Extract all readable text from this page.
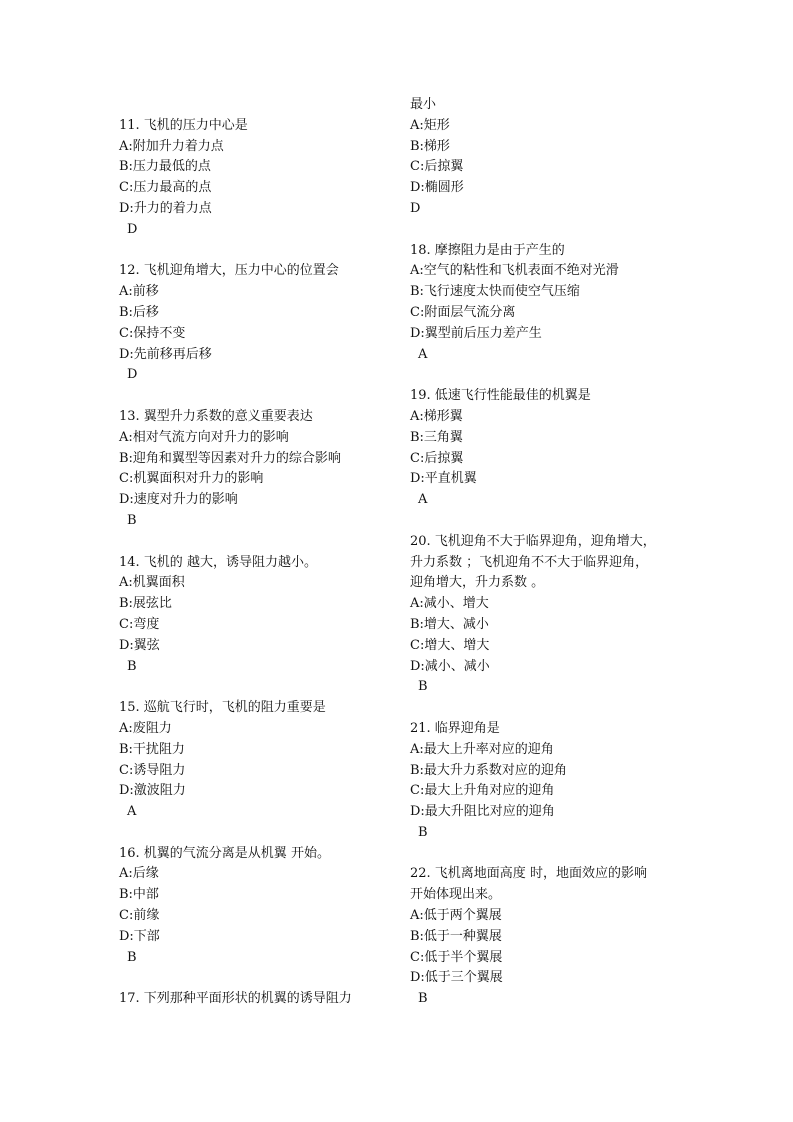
11. 飞机的压力中心是
A:附加升力着力点
B:压力最低的点
C:压力最高的点
D:升力的着力点
D
12. 飞机迎角增大，压力中心的位置会
A:前移
B:后移
C:保持不变
D:先前移再后移
D
13. 翼型升力系数的意义重要表达
A:相对气流方向对升力的影响
B:迎角和翼型等因素对升力的综合影响
C:机翼面积对升力的影响
D:速度对升力的影响
B
14. 飞机的 越大，诱导阻力越小。
A:机翼面积
B:展弦比
C:弯度
D:翼弦
B
15. 巡航飞行时，飞机的阻力重要是
A:废阻力
B:干扰阻力
C:诱导阻力
D:激波阻力
A
16. 机翼的气流分离是从机翼 开始。
A:后缘
B:中部
C:前缘
D:下部
B
17. 下列那种平面形状的机翼的诱导阻力
最小
A:矩形
B:梯形
C:后掠翼
D:椭圆形
D
18. 摩擦阻力是由于产生的
A:空气的粘性和飞机表面不绝对光滑
B:飞行速度太快而使空气压缩
C:附面层气流分离
D:翼型前后压力差产生
A
19. 低速飞行性能最佳的机翼是
A:梯形翼
B:三角翼
C:后掠翼
D:平直机翼
A
20. 飞机迎角不大于临界迎角，迎角增大，
升力系数 ；飞机迎角不不大于临界迎角，
迎角增大，升力系数 。
A:减小、增大
B:增大、减小
C:增大、增大
D:减小、减小
B
21. 临界迎角是
A:最大上升率对应的迎角
B:最大升力系数对应的迎角
C:最大上升角对应的迎角
D:最大升阻比对应的迎角
B
22. 飞机离地面高度 时，地面效应的影响
开始体现出来。
A:低于两个翼展
B:低于一种翼展
C:低于半个翼展
D:低于三个翼展
B
